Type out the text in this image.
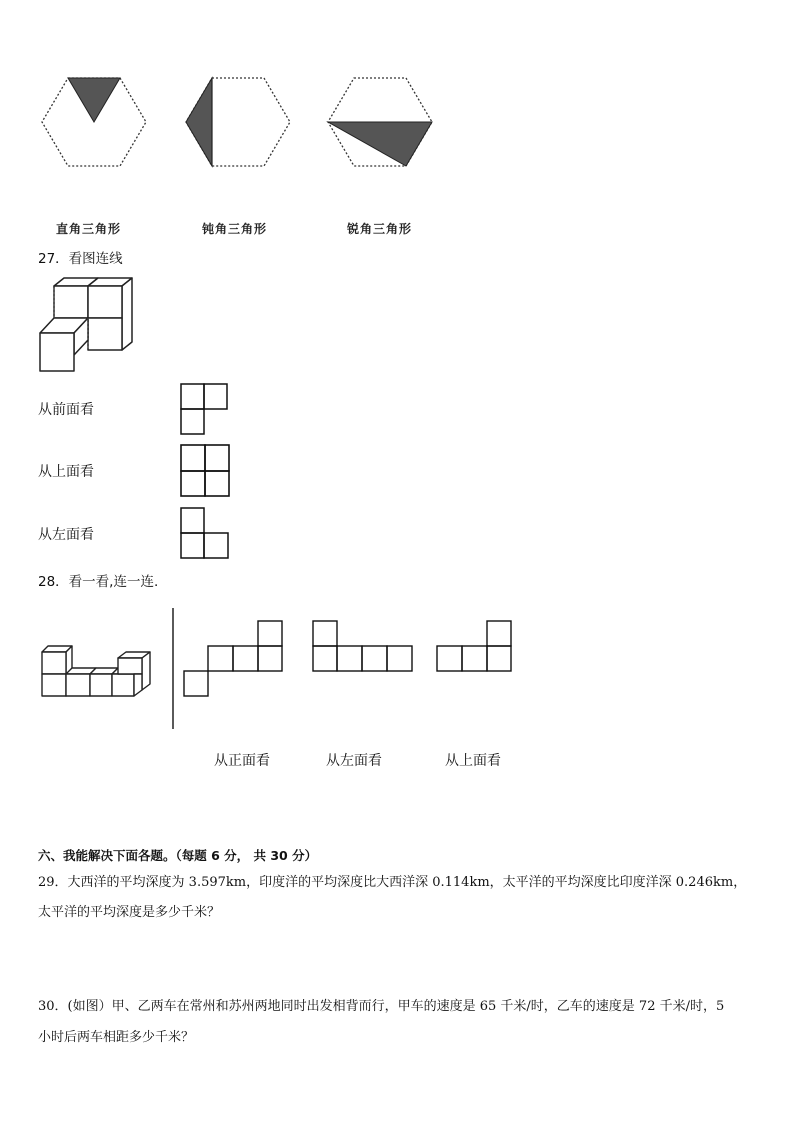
直角三角形	钝角三角形	锐角三角形
27．看图连线
从前面看
从上面看
从左面看
28．看一看,连一连.
从正面看	从左面看	从上面看
六、我能解决下面各题。（每题 6 分， 共 30 分）
29．大西洋的平均深度为 3.597km，印度洋的平均深度比大西洋深 0.114km，太平洋的平均深度比印度洋深 0.246km，
太平洋的平均深度是多少千米？
30．(如图）甲、乙两车在常州和苏州两地同时出发相背而行，甲车的速度是 65 千米/时，乙车的速度是 72 千米/时，5
小时后两车相距多少千米？
